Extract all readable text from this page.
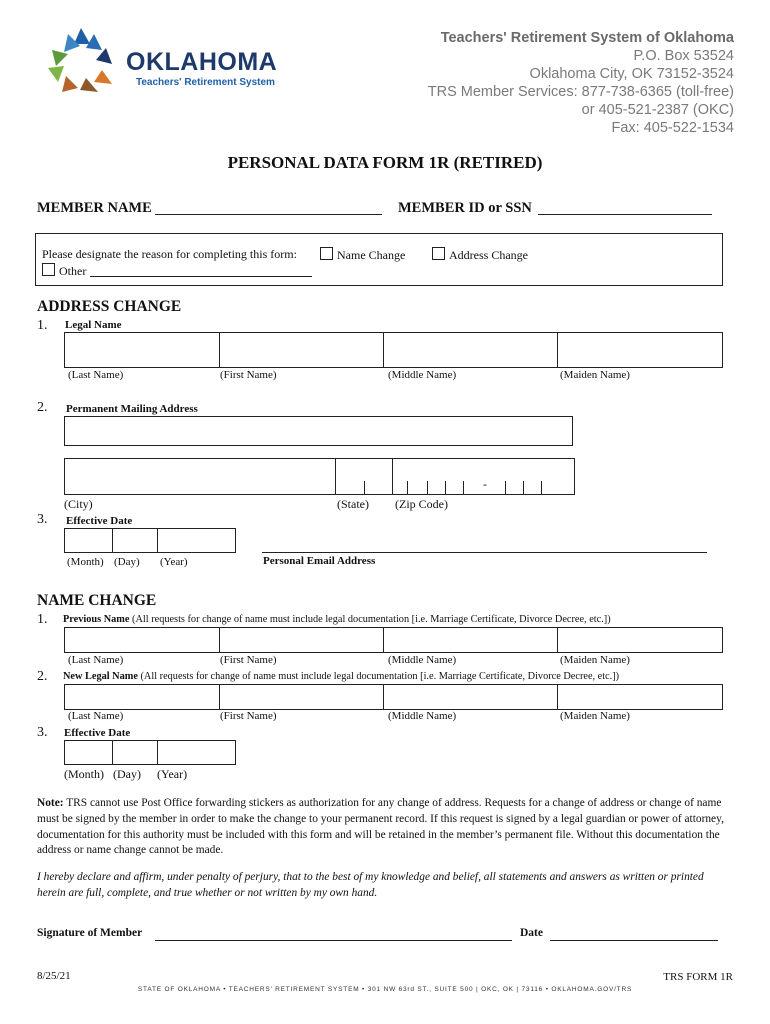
OKLAHOMA
Teachers' Retirement System
Teachers' Retirement System of Oklahoma
P.O. Box 53524
Oklahoma City, OK 73152-3524
TRS Member Services: 877-738-6365 (toll-free)
or 405-521-2387 (OKC)
Fax: 405-522-1534
PERSONAL DATA FORM 1R (RETIRED)
MEMBER NAME	MEMBER ID or SSN
Please designate the reason for completing this form:	Name Change	Address Change
Other
ADDRESS CHANGE
1. Legal Name
(Last Name)	(First Name)	(Middle Name)	(Maiden Name)
2. Permanent Mailing Address
-
(City)	(State) (Zip Code)
3. Effective Date
(Month) (Day) (Year)	Personal Email Address
NAME CHANGE
1. Previous Name (All requests for change of name must include legal documentation [i.e. Marriage Certificate, Divorce Decree, etc.])
(Last Name)	(First Name)	(Middle Name)	(Maiden Name)
2. New Legal Name (All requests for change of name must include legal documentation [i.e. Marriage Certificate, Divorce Decree, etc.])
(Last Name)	(First Name)	(Middle Name)	(Maiden Name)
3. Effective Date
(Month) (Day) (Year)
Note: TRS cannot use Post Office forwarding stickers as authorization for any change of address. Requests for a change of address or change of name must be signed by the member in order to make the change to your permanent record. If this request is signed by a legal guardian or power of attorney, documentation for this authority must be included with this form and will be retained in the member’s permanent file. Without this documentation the address or name change cannot be made.
I hereby declare and affirm, under penalty of perjury, that to the best of my knowledge and belief, all statements and answers as written or printed herein are full, complete, and true whether or not written by my own hand.
Signature of Member	Date
8/25/21	TRS FORM 1R
STATE OF OKLAHOMA • TEACHERS’ RETIREMENT SYSTEM • 301 NW 63rd ST., SUITE 500 | OKC, OK | 73116 • OKLAHOMA.GOV/TRS
